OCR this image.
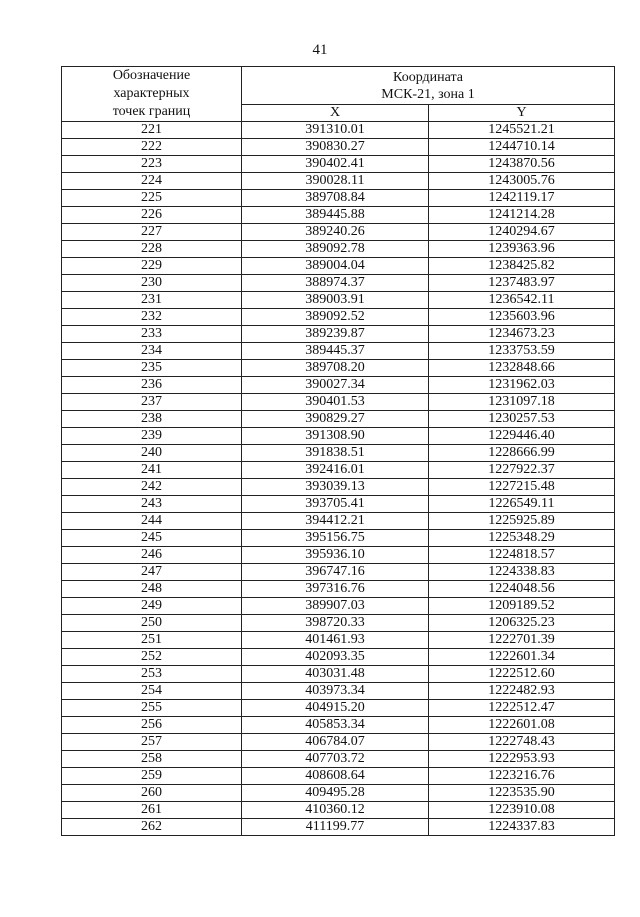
41
Обозначение
характерных
точек границ	Координата
МСК-21, зона 1	
	X	Y
221	391310.01	1245521.21
222	390830.27	1244710.14
223	390402.41	1243870.56
224	390028.11	1243005.76
225	389708.84	1242119.17
226	389445.88	1241214.28
227	389240.26	1240294.67
228	389092.78	1239363.96
229	389004.04	1238425.82
230	388974.37	1237483.97
231	389003.91	1236542.11
232	389092.52	1235603.96
233	389239.87	1234673.23
234	389445.37	1233753.59
235	389708.20	1232848.66
236	390027.34	1231962.03
237	390401.53	1231097.18
238	390829.27	1230257.53
239	391308.90	1229446.40
240	391838.51	1228666.99
241	392416.01	1227922.37
242	393039.13	1227215.48
243	393705.41	1226549.11
244	394412.21	1225925.89
245	395156.75	1225348.29
246	395936.10	1224818.57
247	396747.16	1224338.83
248	397316.76	1224048.56
249	389907.03	1209189.52
250	398720.33	1206325.23
251	401461.93	1222701.39
252	402093.35	1222601.34
253	403031.48	1222512.60
254	403973.34	1222482.93
255	404915.20	1222512.47
256	405853.34	1222601.08
257	406784.07	1222748.43
258	407703.72	1222953.93
259	408608.64	1223216.76
260	409495.28	1223535.90
261	410360.12	1223910.08
262	411199.77	1224337.83
